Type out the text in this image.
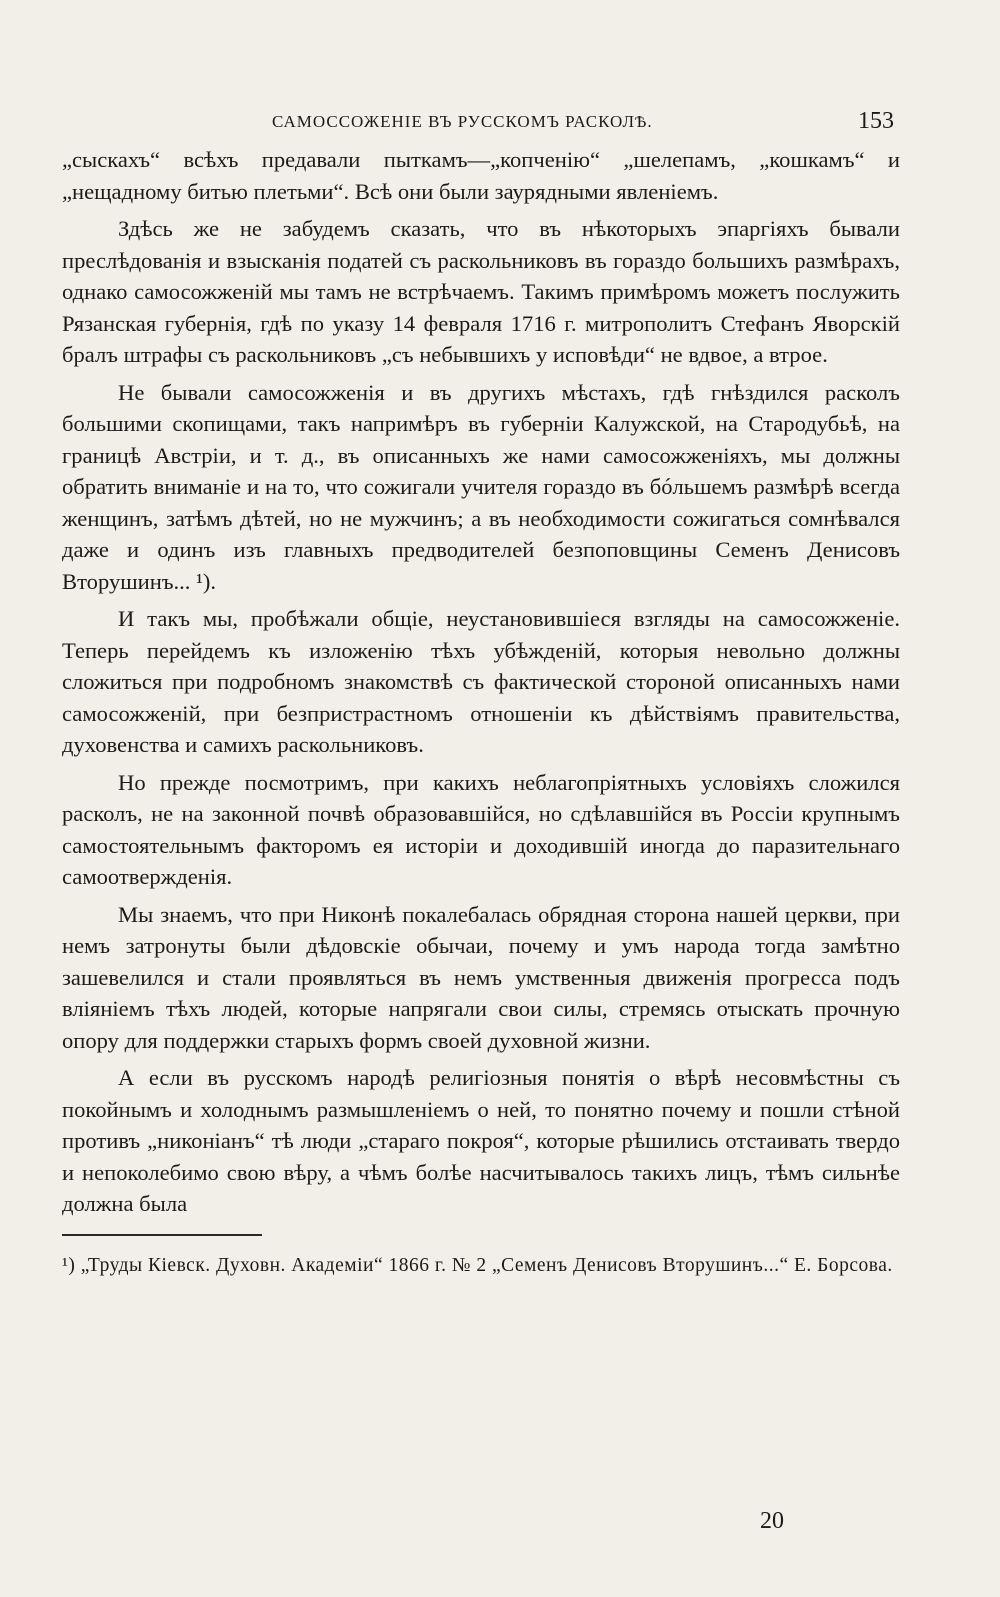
САМОССОЖЕНІЕ ВЪ РУССКОМЪ РАСКОЛѢ.	153

„сыскахъ“ всѣхъ предавали пыткамъ—„копченію“ „шелепамъ, „кошкамъ“ и „нещадному битью плетьми“. Всѣ они были заурядными явленіемъ.

Здѣсь же не забудемъ сказать, что въ нѣкоторыхъ эпаргіяхъ бывали преслѣдованія и взысканія податей съ раскольниковъ въ гораздо большихъ размѣрахъ, однако самосожженій мы тамъ не встрѣчаемъ. Такимъ примѣромъ можетъ послужить Рязанская губернія, гдѣ по указу 14 февраля 1716 г. митрополитъ Стефанъ Яворскій бралъ штрафы съ раскольниковъ „съ небывшихъ у исповѣди“ не вдвое, а втрое.

Не бывали самосожженія и въ другихъ мѣстахъ, гдѣ гнѣздился расколъ большими скопищами, такъ напримѣръ въ губерніи Калужской, на Стародубьѣ, на границѣ Австріи, и т. д., въ описанныхъ же нами самосожженіяхъ, мы должны обратить вниманіе и на то, что сожигали учителя гораздо въ бóльшемъ размѣрѣ всегда женщинъ, затѣмъ дѣтей, но не мужчинъ; а въ необходимости сожигаться сомнѣвался даже и одинъ изъ главныхъ предводителей безпоповщины Семенъ Денисовъ Вторушинъ... ¹).

И такъ мы, пробѣжали общіе, неустановившіеся взгляды на самосожженіе. Теперь перейдемъ къ изложенію тѣхъ убѣжденій, которыя невольно должны сложиться при подробномъ знакомствѣ съ фактической стороной описанныхъ нами самосожженій, при безпристрастномъ отношеніи къ дѣйствіямъ правительства, духовенства и самихъ раскольниковъ.

Но прежде посмотримъ, при какихъ неблагопріятныхъ условіяхъ сложился расколъ, не на законной почвѣ образовавшійся, но сдѣлавшійся въ Россіи крупнымъ самостоятельнымъ факторомъ ея исторіи и доходившій иногда до паразительнаго самоотвержденія.

Мы знаемъ, что при Никонѣ покалебалась обрядная сторона нашей церкви, при немъ затронуты были дѣдовскіе обычаи, почему и умъ народа тогда замѣтно зашевелился и стали проявляться въ немъ умственныя движенія прогресса подъ вліяніемъ тѣхъ людей, которые напрягали свои силы, стремясь отыскать прочную опору для поддержки старыхъ формъ своей духовной жизни.

А если въ русскомъ народѣ религіозныя понятія о вѣрѣ несовмѣстны съ покойнымъ и холоднымъ размышленіемъ о ней, то понятно почему и пошли стѣной противъ „никоніанъ“ тѣ люди „стараго покроя“, которые рѣшились отстаивать твердо и непоколебимо свою вѣру, а чѣмъ болѣе насчитывалось такихъ лицъ, тѣмъ сильнѣе должна была

¹) „Труды Кіевск. Духовн. Академіи“ 1866 г. № 2 „Семенъ Денисовъ Вторушинъ...“ Е. Борсова.
20
